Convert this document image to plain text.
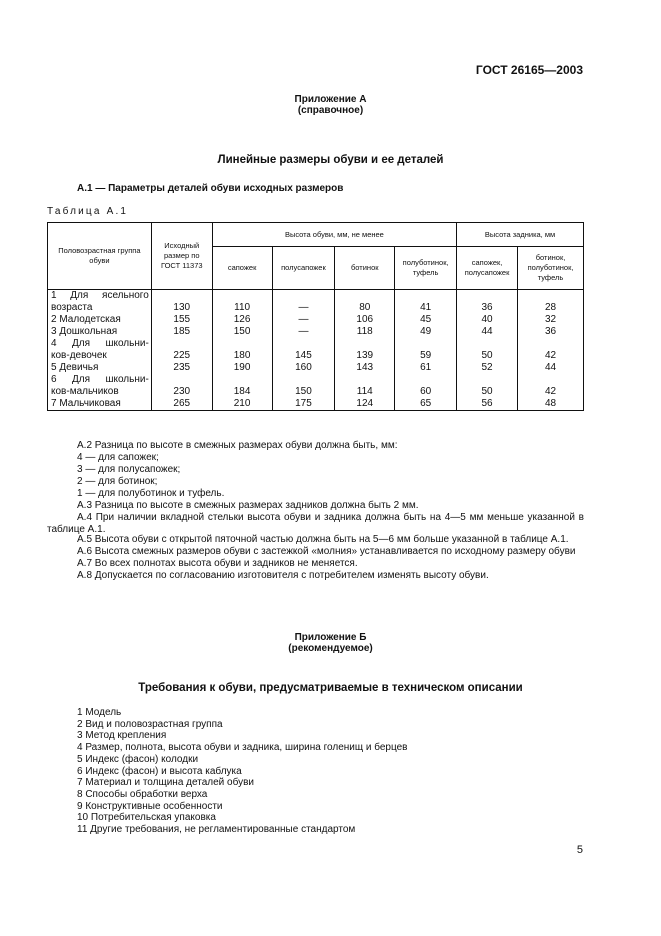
ГОСТ 26165—2003
Приложение А
(справочное)
Линейные размеры обуви и ее деталей
А.1 — Параметры деталей обуви исходных размеров
Таблица А.1
Половозрастная группа обуви	Исходный размер по ГОСТ 11373	Высота обуви, мм, не менее				Высота задника, мм	
		сапожек	полусапожек	ботинок	полуботинок, туфель	сапожек, полусапожек	ботинок, полуботинок, туфель

1 Для ясельного
возраста	130	110	—	80	41	36	28
2 Малодетская	155	126	—	106	45	40	32
3 Дошкольная	185	150	—	118	49	44	36

4 Для школьни-
ков-девочек	225	180	145	139	59	50	42
5 Девичья	235	190	160	143	61	52	44

6 Для школьни-
ков-мальчиков	230	184	150	114	60	50	42
7 Мальчиковая	265	210	175	124	65	56	48
А.2 Разница по высоте в смежных размерах обуви должна быть, мм:
4 — для сапожек;
3 — для полусапожек;
2 — для ботинок;
1 — для полуботинок и туфель.
А.3 Разница по высоте в смежных размерах задников должна быть 2 мм.
А.4 При наличии вкладной стельки высота обуви и задника должна быть на 4—5 мм меньше указанной в
таблице А.1.
А.5 Высота обуви с открытой пяточной частью должна быть на 5—6 мм больше указанной в таблице А.1.
А.6 Высота смежных размеров обуви с застежкой «молния» устанавливается по исходному размеру обуви
А.7 Во всех полнотах высота обуви и задников не меняется.
А.8 Допускается по согласованию изготовителя с потребителем изменять высоту обуви.
Приложение Б
(рекомендуемое)
Требования к обуви, предусматриваемые в техническом описании
1 Модель
2 Вид и половозрастная группа
3 Метод крепления
4 Размер, полнота, высота обуви и задника, ширина голенищ и берцев
5 Индекс (фасон) колодки
6 Индекс (фасон) и высота каблука
7 Материал и толщина деталей обуви
8 Способы обработки верха
9 Конструктивные особенности
10 Потребительская упаковка
11 Другие требования, не регламентированные стандартом
5
